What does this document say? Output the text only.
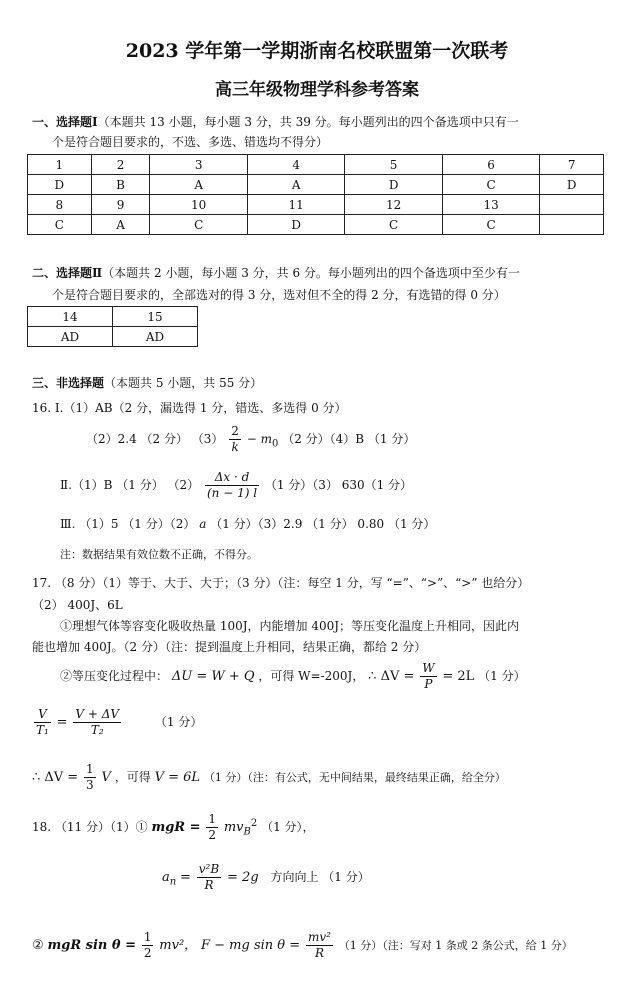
2023 学年第一学期浙南名校联盟第一次联考
高三年级物理学科参考答案
一、选择题Ⅰ（本题共 13 小题，每小题 3 分，共 39 分。每小题列出的四个备选项中只有一
个是符合题目要求的，不选、多选、错选均不得分）
1	2	3	4	5	6	7
D	B	A	A	D	C	D
8	9	10	11	12	13	
C	A	C	D	C	C	
二、选择题Ⅱ（本题共 2 小题，每小题 3 分，共 6 分。每小题列出的四个备选项中至少有一
个是符合题目要求的，全部选对的得 3 分，选对但不全的得 2 分，有选错的得 0 分）
14	15
AD	AD
三、非选择题（本题共 5 小题，共 55 分）
16. Ⅰ.（1）AB（2 分，漏选得 1 分，错选、多选得 0 分）
（2）2.4 （2 分） $(3) \frac{2}{k} - m_0$ （2 分）（4）B （1 分）
Ⅱ.（1）B （1 分） $(2) \frac{\Delta x \cdot d}{(n - 1) l} (1$ 分）（3） 630（1 分）
Ⅲ. （1）5 （1 分）（2） a （1 分）（3）2.9 （1 分） 0.80 （1 分）
注：数据结果有效位数不正确，不得分。
17. （8 分）（1）等于、大于、大于；（3 分）（注：每空 1 分，写 “=”、“>”、“>” 也给分）
（2） 400J、6L
①理想气体等容变化吸收热量 100J，内能增加 400J；等压变化温度上升相同，因此内
能也增加 400J。（2 分）（注：提到温度上升相同，结果正确，都给 2 分）
②等压变化过程中： ΔU = W + Q ，可得 W=-200J， ∴ $\Delta V = \frac{W}{P} = 2L$ （1 分）
$\frac{V}{\text{T₁}} = \frac{V + \Delta V}{\text{T₂}}$	（1 分）
∴ $\Delta V = \frac{1}{3}$ V ，可得 V = 6L （1 分）（注：有公式，无中间结果，最终结果正确，给全分）
18. （11 分）（1）① mgR = $\frac{1}{2} mv_B^2$ （1 分），
$a_n = \frac{\text{v²B}}{R} = 2g$ 方向向上 （1 分）
② mgR $\sin \theta = \frac{1}{2} mv^2$， F − mg $\sin \theta = \frac{\text{mv²}}{R} (1$ 分）（注：写对 1 条或 2 条公式，给 1 分）
